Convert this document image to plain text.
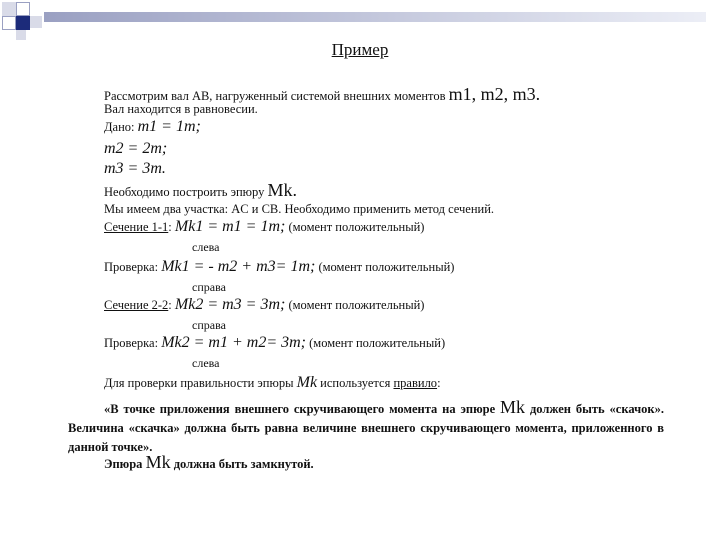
Пример
Рассмотрим вал АВ, нагруженный системой внешних моментов m1, m2, m3.
Вал находится в равновесии.
Дано: m1 = 1m;
m2 = 2m;
m3 = 3m.
Необходимо построить эпюру Mk.
Мы имеем два участка: AC и CB. Необходимо применить метод сечений.
Сечение 1-1: Mk1 = m1 = 1m; (момент положительный)
слева
Проверка: Mk1 = - m2 + m3= 1m; (момент положительный)
справа
Сечение 2-2: Mk2 = m3 = 3m; (момент положительный)
справа
Проверка: Mk2 = m1 + m2= 3m; (момент положительный)
слева
Для проверки правильности эпюры Mk используется правило:
«В точке приложения внешнего скручивающего момента на эпюре Mk должен быть «скачок». Величина «скачка» должна быть равна величине внешнего скручивающего момента, приложенного в данной точке».
Эпюра Mk должна быть замкнутой.
